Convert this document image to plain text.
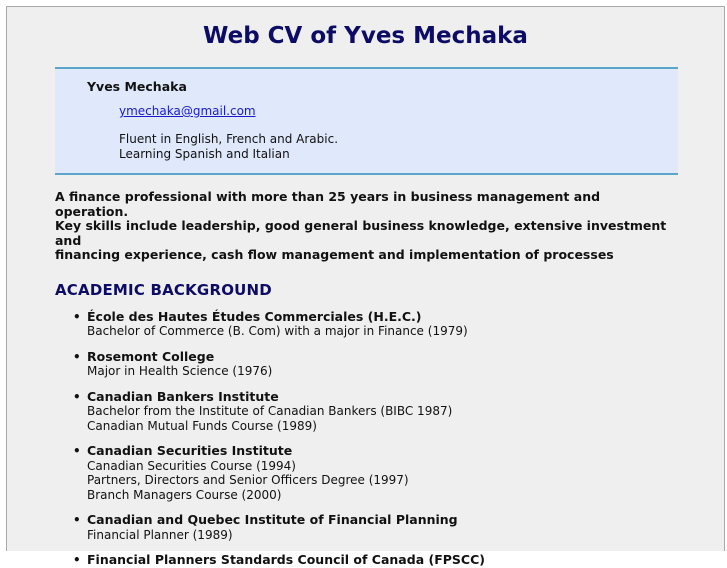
Web CV of Yves Mechaka
Yves Mechaka
ymechaka@gmail.com
Fluent in English, French and Arabic.
Learning Spanish and Italian
A finance professional with more than 25 years in business management and operation.
Key skills include leadership, good general business knowledge, extensive investment and
financing experience, cash flow management and implementation of processes
ACADEMIC BACKGROUND
• École des Hautes Études Commerciales (H.E.C.)
Bachelor of Commerce (B. Com) with a major in Finance (1979)
• Rosemont College
Major in Health Science (1976)
• Canadian Bankers Institute
Bachelor from the Institute of Canadian Bankers (BIBC 1987)
Canadian Mutual Funds Course (1989)
• Canadian Securities Institute
Canadian Securities Course (1994)
Partners, Directors and Senior Officers Degree (1997)
Branch Managers Course (2000)
• Canadian and Quebec Institute of Financial Planning
Financial Planner (1989)
• Financial Planners Standards Council of Canada (FPSCC)
